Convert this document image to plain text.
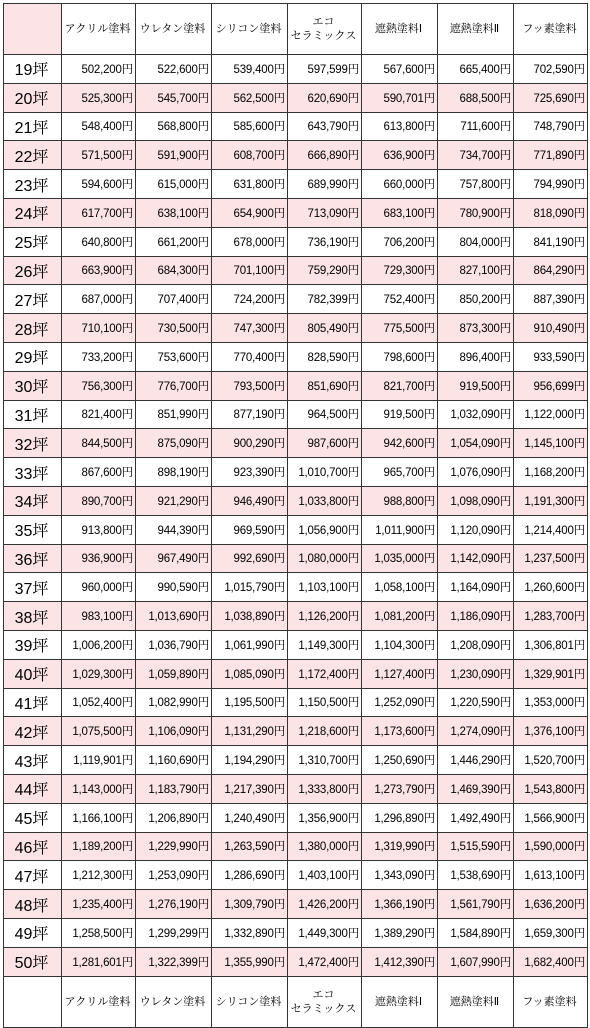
	アクリル塗料	ウレタン塗料	シリコン塗料	エコ
セラミックス	遮熱塗料Ⅰ	遮熱塗料Ⅱ	フッ素塗料
19坪	502,200円	522,600円	539,400円	597,599円	567,600円	665,400円	702,590円
20坪	525,300円	545,700円	562,500円	620,690円	590,701円	688,500円	725,690円
21坪	548,400円	568,800円	585,600円	643,790円	613,800円	711,600円	748,790円
22坪	571,500円	591,900円	608,700円	666,890円	636,900円	734,700円	771,890円
23坪	594,600円	615,000円	631,800円	689,990円	660,000円	757,800円	794,990円
24坪	617,700円	638,100円	654,900円	713,090円	683,100円	780,900円	818,090円
25坪	640,800円	661,200円	678,000円	736,190円	706,200円	804,000円	841,190円
26坪	663,900円	684,300円	701,100円	759,290円	729,300円	827,100円	864,290円
27坪	687,000円	707,400円	724,200円	782,399円	752,400円	850,200円	887,390円
28坪	710,100円	730,500円	747,300円	805,490円	775,500円	873,300円	910,490円
29坪	733,200円	753,600円	770,400円	828,590円	798,600円	896,400円	933,590円
30坪	756,300円	776,700円	793,500円	851,690円	821,700円	919,500円	956,699円
31坪	821,400円	851,990円	877,190円	964,500円	919,500円	1,032,090円	1,122,000円
32坪	844,500円	875,090円	900,290円	987,600円	942,600円	1,054,090円	1,145,100円
33坪	867,600円	898,190円	923,390円	1,010,700円	965,700円	1,076,090円	1,168,200円
34坪	890,700円	921,290円	946,490円	1,033,800円	988,800円	1,098,090円	1,191,300円
35坪	913,800円	944,390円	969,590円	1,056,900円	1,011,900円	1,120,090円	1,214,400円
36坪	936,900円	967,490円	992,690円	1,080,000円	1,035,000円	1,142,090円	1,237,500円
37坪	960,000円	990,590円	1,015,790円	1,103,100円	1,058,100円	1,164,090円	1,260,600円
38坪	983,100円	1,013,690円	1,038,890円	1,126,200円	1,081,200円	1,186,090円	1,283,700円
39坪	1,006,200円	1,036,790円	1,061,990円	1,149,300円	1,104,300円	1,208,090円	1,306,801円
40坪	1,029,300円	1,059,890円	1,085,090円	1,172,400円	1,127,400円	1,230,090円	1,329,901円
41坪	1,052,400円	1,082,990円	1,195,500円	1,150,500円	1,252,090円	1,220,590円	1,353,000円
42坪	1,075,500円	1,106,090円	1,131,290円	1,218,600円	1,173,600円	1,274,090円	1,376,100円
43坪	1,119,901円	1,160,690円	1,194,290円	1,310,700円	1,250,690円	1,446,290円	1,520,700円
44坪	1,143,000円	1,183,790円	1,217,390円	1,333,800円	1,273,790円	1,469,390円	1,543,800円
45坪	1,166,100円	1,206,890円	1,240,490円	1,356,900円	1,296,890円	1,492,490円	1,566,900円
46坪	1,189,200円	1,229,990円	1,263,590円	1,380,000円	1,319,990円	1,515,590円	1,590,000円
47坪	1,212,300円	1,253,090円	1,286,690円	1,403,100円	1,343,090円	1,538,690円	1,613,100円
48坪	1,235,400円	1,276,190円	1,309,790円	1,426,200円	1,366,190円	1,561,790円	1,636,200円
49坪	1,258,500円	1,299,299円	1,332,890円	1,449,300円	1,389,290円	1,584,890円	1,659,300円
50坪	1,281,601円	1,322,399円	1,355,990円	1,472,400円	1,412,390円	1,607,990円	1,682,400円
	アクリル塗料	ウレタン塗料	シリコン塗料	エコ
セラミックス	遮熱塗料Ⅰ	遮熱塗料Ⅱ	フッ素塗料
